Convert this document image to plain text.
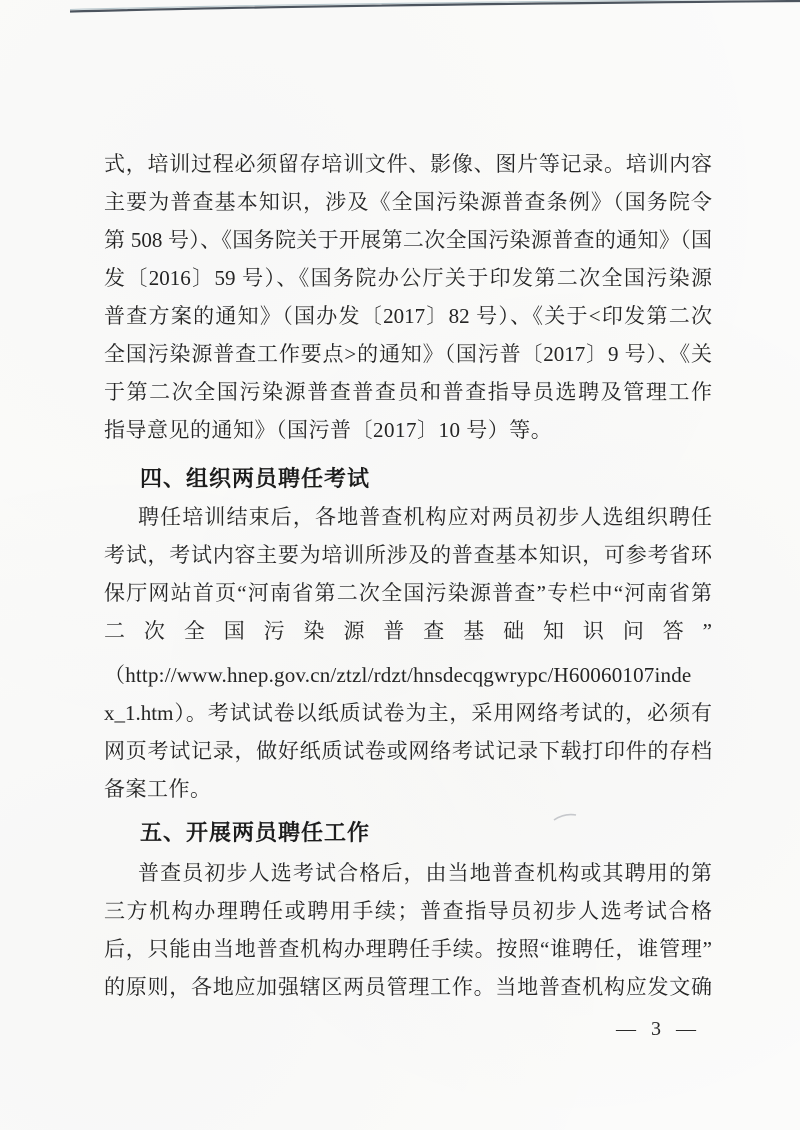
式，培训过程必须留存培训文件、影像、图片等记录。培训内容
主要为普查基本知识，涉及《全国污染源普查条例》（国务院令
第 508 号）、《国务院关于开展第二次全国污染源普查的通知》（国
发〔2016〕59 号）、《国务院办公厅关于印发第二次全国污染源
普查方案的通知》（国办发〔2017〕82 号）、《关于<印发第二次
全国污染源普查工作要点>的通知》（国污普〔2017〕9 号）、《关
于第二次全国污染源普查普查员和普查指导员选聘及管理工作
指导意见的通知》（国污普〔2017〕10 号）等。
四、组织两员聘任考试
聘任培训结束后，各地普查机构应对两员初步人选组织聘任
考试，考试内容主要为培训所涉及的普查基本知识，可参考省环
保厅网站首页“河南省第二次全国污染源普查”专栏中“河南省第
二次全国污染源普查基础知识问答”
（http://www.hnep.gov.cn/ztzl/rdzt/hnsdecqgwrypc/H60060107inde
x_1.htm）。考试试卷以纸质试卷为主，采用网络考试的，必须有
网页考试记录，做好纸质试卷或网络考试记录下载打印件的存档
备案工作。
五、开展两员聘任工作
普查员初步人选考试合格后，由当地普查机构或其聘用的第
三方机构办理聘任或聘用手续；普查指导员初步人选考试合格
后，只能由当地普查机构办理聘任手续。按照“谁聘任，谁管理”
的原则，各地应加强辖区两员管理工作。当地普查机构应发文确
— 3 —
